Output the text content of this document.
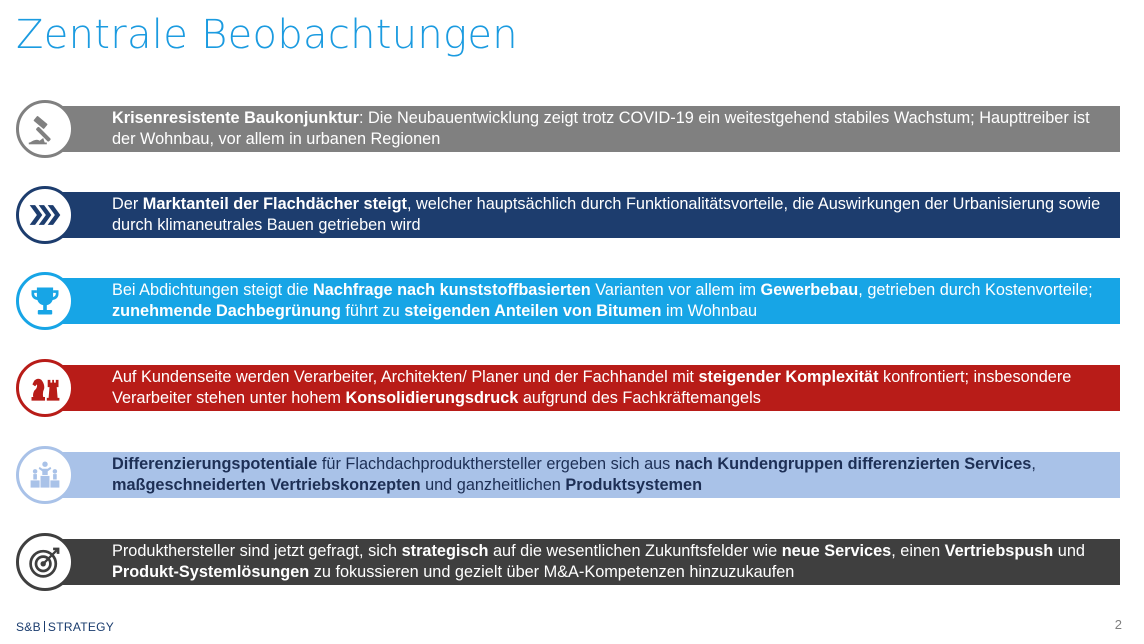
Zentrale Beobachtungen
Krisenresistente Baukonjunktur: Die Neubauentwicklung zeigt trotz COVID-19 ein weitestgehend stabiles Wachstum; Haupttreiber ist der Wohnbau, vor allem in urbanen Regionen
Der Marktanteil der Flachdächer steigt, welcher hauptsächlich durch Funktionalitätsvorteile, die Auswirkungen der Urbanisierung sowie durch klimaneutrales Bauen getrieben wird
Bei Abdichtungen steigt die Nachfrage nach kunststoffbasierten Varianten vor allem im Gewerbebau, getrieben durch Kostenvorteile; zunehmende Dachbegrünung führt zu steigenden Anteilen von Bitumen im Wohnbau
Auf Kundenseite werden Verarbeiter, Architekten/ Planer und der Fachhandel mit steigender Komplexität konfrontiert; insbesondere Verarbeiter stehen unter hohem Konsolidierungsdruck aufgrund des Fachkräftemangels
Differenzierungspotentiale für Flachdachprodukthersteller ergeben sich aus nach Kundengruppen differenzierten Services, maßgeschneiderten Vertriebskonzepten und ganzheitlichen Produktsystemen
Produkthersteller sind jetzt gefragt, sich strategisch auf die wesentlichen Zukunftsfelder wie neue Services, einen Vertriebspush und Produkt-Systemlösungen zu fokussieren und gezielt über M&A-Kompetenzen hinzuzukaufen
S&B STRATEGY	2
